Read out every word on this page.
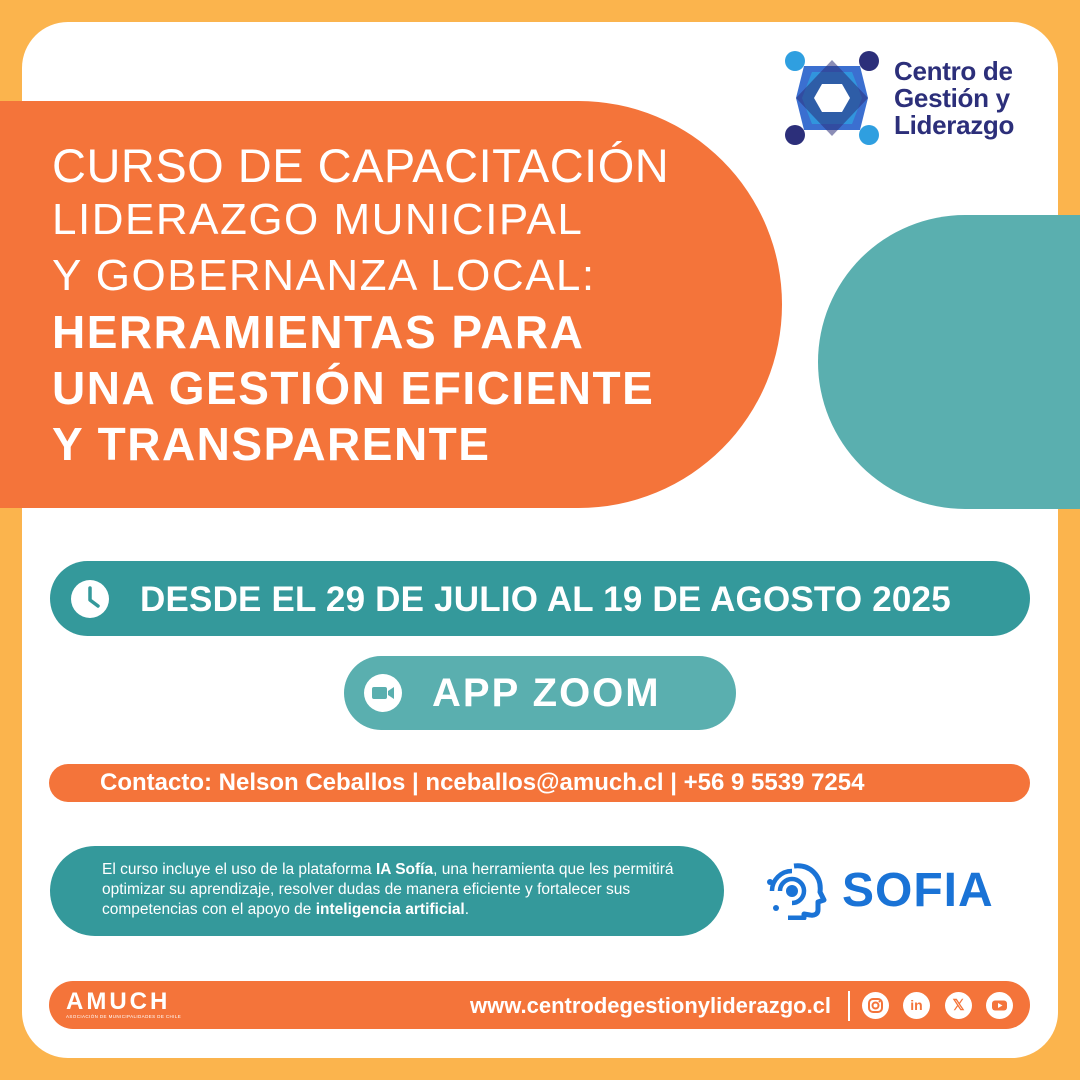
Centro de
Gestión y
Liderazgo
CURSO DE CAPACITACIÓN
LIDERAZGO MUNICIPAL
Y GOBERNANZA LOCAL:
HERRAMIENTAS PARA
UNA GESTIÓN EFICIENTE
Y TRANSPARENTE
DESDE EL 29 DE JULIO AL 19 DE AGOSTO 2025
APP ZOOM
Contacto: Nelson Ceballos | nceballos@amuch.cl | +56 9 5539 7254
El curso incluye el uso de la plataforma IA Sofía, una herramienta que les permitirá optimizar su aprendizaje, resolver dudas de manera eficiente y fortalecer sus competencias con el apoyo de inteligencia artificial.	SOFIA
AMUCH
ASOCIACIÓN DE MUNICIPALIDADES DE CHILE	www.centrodegestionyliderazgo.cl	in	𝕏
